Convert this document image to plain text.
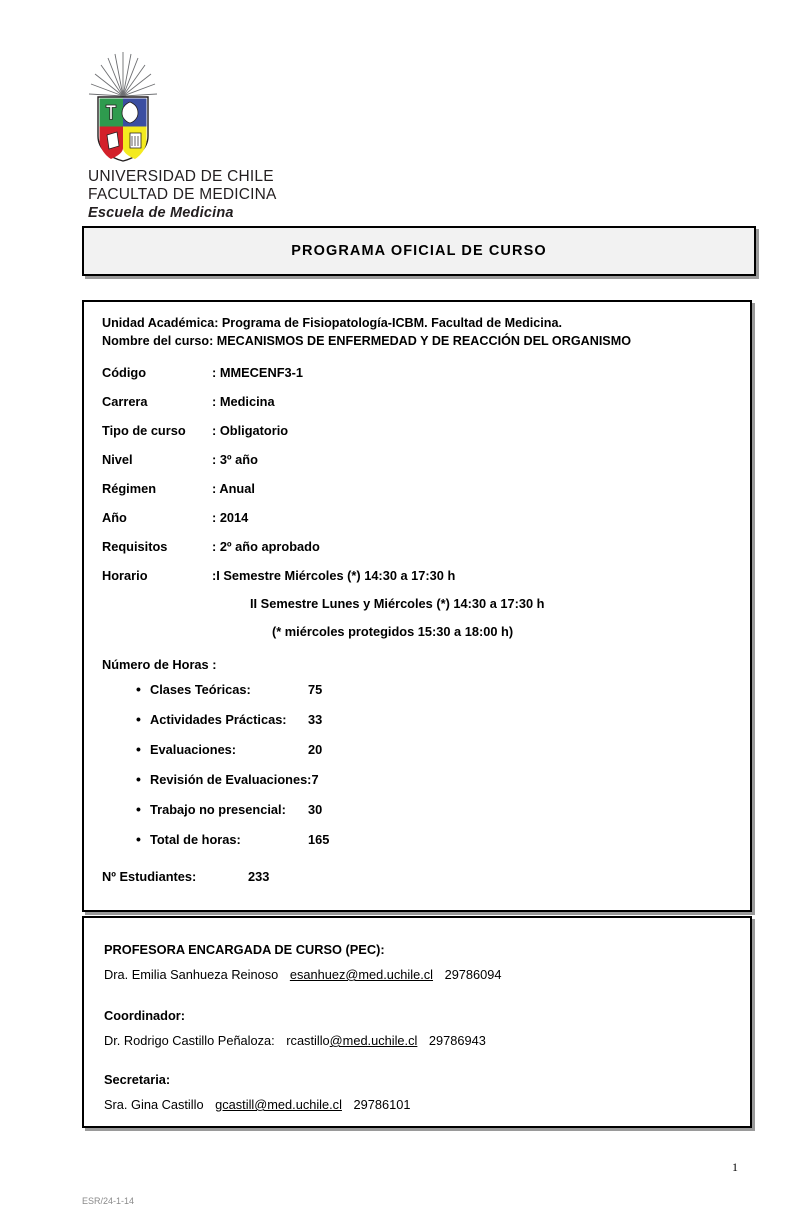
UNIVERSIDAD DE CHILE
FACULTAD DE MEDICINA
Escuela de Medicina
PROGRAMA OFICIAL DE CURSO
Unidad Académica: Programa de Fisiopatología-ICBM. Facultad de Medicina.
Nombre del curso: MECANISMOS DE ENFERMEDAD Y DE REACCIÓN DEL ORGANISMO
Código	: MMECENF3-1
Carrera	: Medicina
Tipo de curso	: Obligatorio
Nivel	: 3º año
Régimen	: Anual
Año	: 2014
Requisitos	: 2º año aprobado
Horario	:I Semestre Miércoles (*) 14:30 a 17:30 h
II Semestre Lunes y Miércoles (*) 14:30 a 17:30 h
(* miércoles protegidos 15:30 a 18:00 h)
Número de Horas :
• Clases Teóricas:	75
• Actividades Prácticas:	33
• Evaluaciones:	20
• Revisión de Evaluaciones: 7
• Trabajo no presencial:	30
• Total de horas:	165
Nº Estudiantes:	233
PROFESORA ENCARGADA DE CURSO (PEC):
Dra. Emilia Sanhueza Reinoso esanhuez@med.uchile.cl 29786094
Coordinador:
Dr. Rodrigo Castillo Peñaloza: rcastillo@med.uchile.cl 29786943
Secretaria:
Sra. Gina Castillo gcastill@med.uchile.cl 29786101
1
ESR/24-1-14
